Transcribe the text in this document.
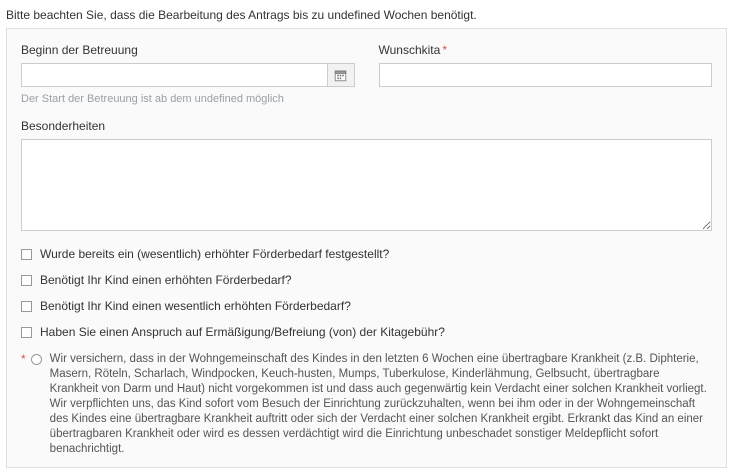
Bitte beachten Sie, dass die Bearbeitung des Antrags bis zu undefined Wochen benötigt.
Beginn der Betreuung
Der Start der Betreuung ist ab dem undefined möglich
Wunschkita *
Besonderheiten
Wurde bereits ein (wesentlich) erhöhter Förderbedarf festgestellt?
Benötigt Ihr Kind einen erhöhten Förderbedarf?
Benötigt Ihr Kind einen wesentlich erhöhten Förderbedarf?
Haben Sie einen Anspruch auf Ermäßigung/Befreiung (von) der Kitagebühr?
* Wir versichern, dass in der Wohngemeinschaft des Kindes in den letzten 6 Wochen eine übertragbare Krankheit (z.B. Diphterie, Masern, Röteln, Scharlach, Windpocken, Keuch-husten, Mumps, Tuberkulose, Kinderlähmung, Gelbsucht, übertragbare Krankheit von Darm und Haut) nicht vorgekommen ist und dass auch gegenwärtig kein Verdacht einer solchen Krankheit vorliegt. Wir verpflichten uns, das Kind sofort vom Besuch der Einrichtung zurückzuhalten, wenn bei ihm oder in der Wohngemeinschaft des Kindes eine übertragbare Krankheit auftritt oder sich der Verdacht einer solchen Krankheit ergibt. Erkrankt das Kind an einer übertragbaren Krankheit oder wird es dessen verdächtigt wird die Einrichtung unbeschadet sonstiger Meldepflicht sofort benachrichtigt.
